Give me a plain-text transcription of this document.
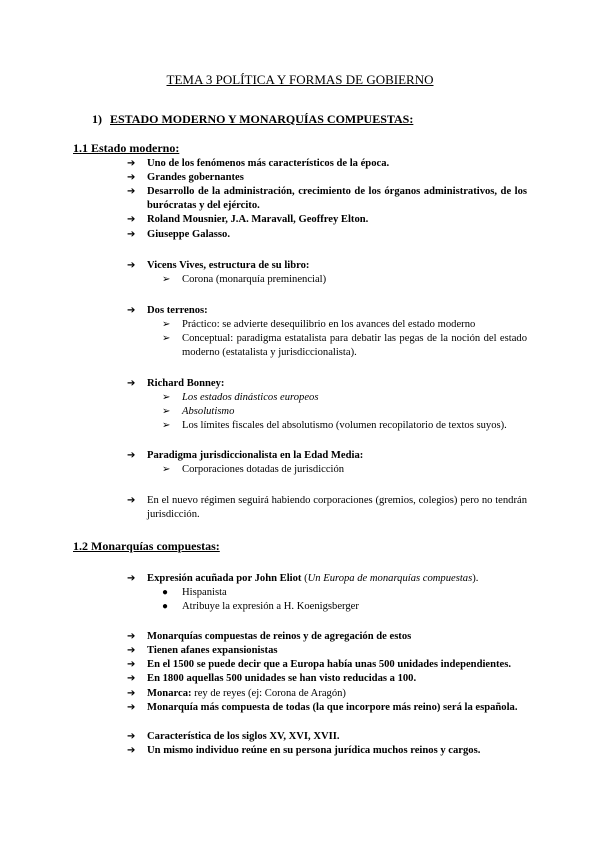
TEMA 3 POLÍTICA Y FORMAS DE GOBIERNO
1) ESTADO MODERNO Y MONARQUÍAS COMPUESTAS:
1.1 Estado moderno:
➔	Uno de los fenómenos más característicos de la época.
➔	Grandes gobernantes
➔	Desarrollo de la administración, crecimiento de los órganos administrativos, de los burócratas y del ejército.
➔	Roland Mousnier, J.A. Maravall, Geoffrey Elton.
➔	Giuseppe Galasso.
➔	Vicens Vives, estructura de su libro:
➢	Corona (monarquía preminencial)
➔	Dos terrenos:
➢	Práctico: se advierte desequilibrio en los avances del estado moderno
➢	Conceptual: paradigma estatalista para debatir las pegas de la noción del estado moderno (estatalista y jurisdiccionalista).
➔	Richard Bonney:
➢	Los estados dinásticos europeos
➢	Absolutismo
➢	Los límites fiscales del absolutismo (volumen recopilatorio de textos suyos).
➔	Paradigma jurisdiccionalista en la Edad Media:
➢	Corporaciones dotadas de jurisdicción
➔	En el nuevo régimen seguirá habiendo corporaciones (gremios, colegios) pero no tendrán jurisdicción.
1.2 Monarquías compuestas:
➔	Expresión acuñada por John Eliot (Un Europa de monarquías compuestas).
●	Hispanista
●	Atribuye la expresión a H. Koenigsberger
➔	Monarquías compuestas de reinos y de agregación de estos
➔	Tienen afanes expansionistas
➔	En el 1500 se puede decir que a Europa había unas 500 unidades independientes.
➔	En 1800 aquellas 500 unidades se han visto reducidas a 100.
➔	Monarca: rey de reyes (ej: Corona de Aragón)
➔	Monarquía más compuesta de todas (la que incorpore más reino) será la española.
➔	Característica de los siglos XV, XVI, XVII.
➔	Un mismo individuo reúne en su persona jurídica muchos reinos y cargos.
